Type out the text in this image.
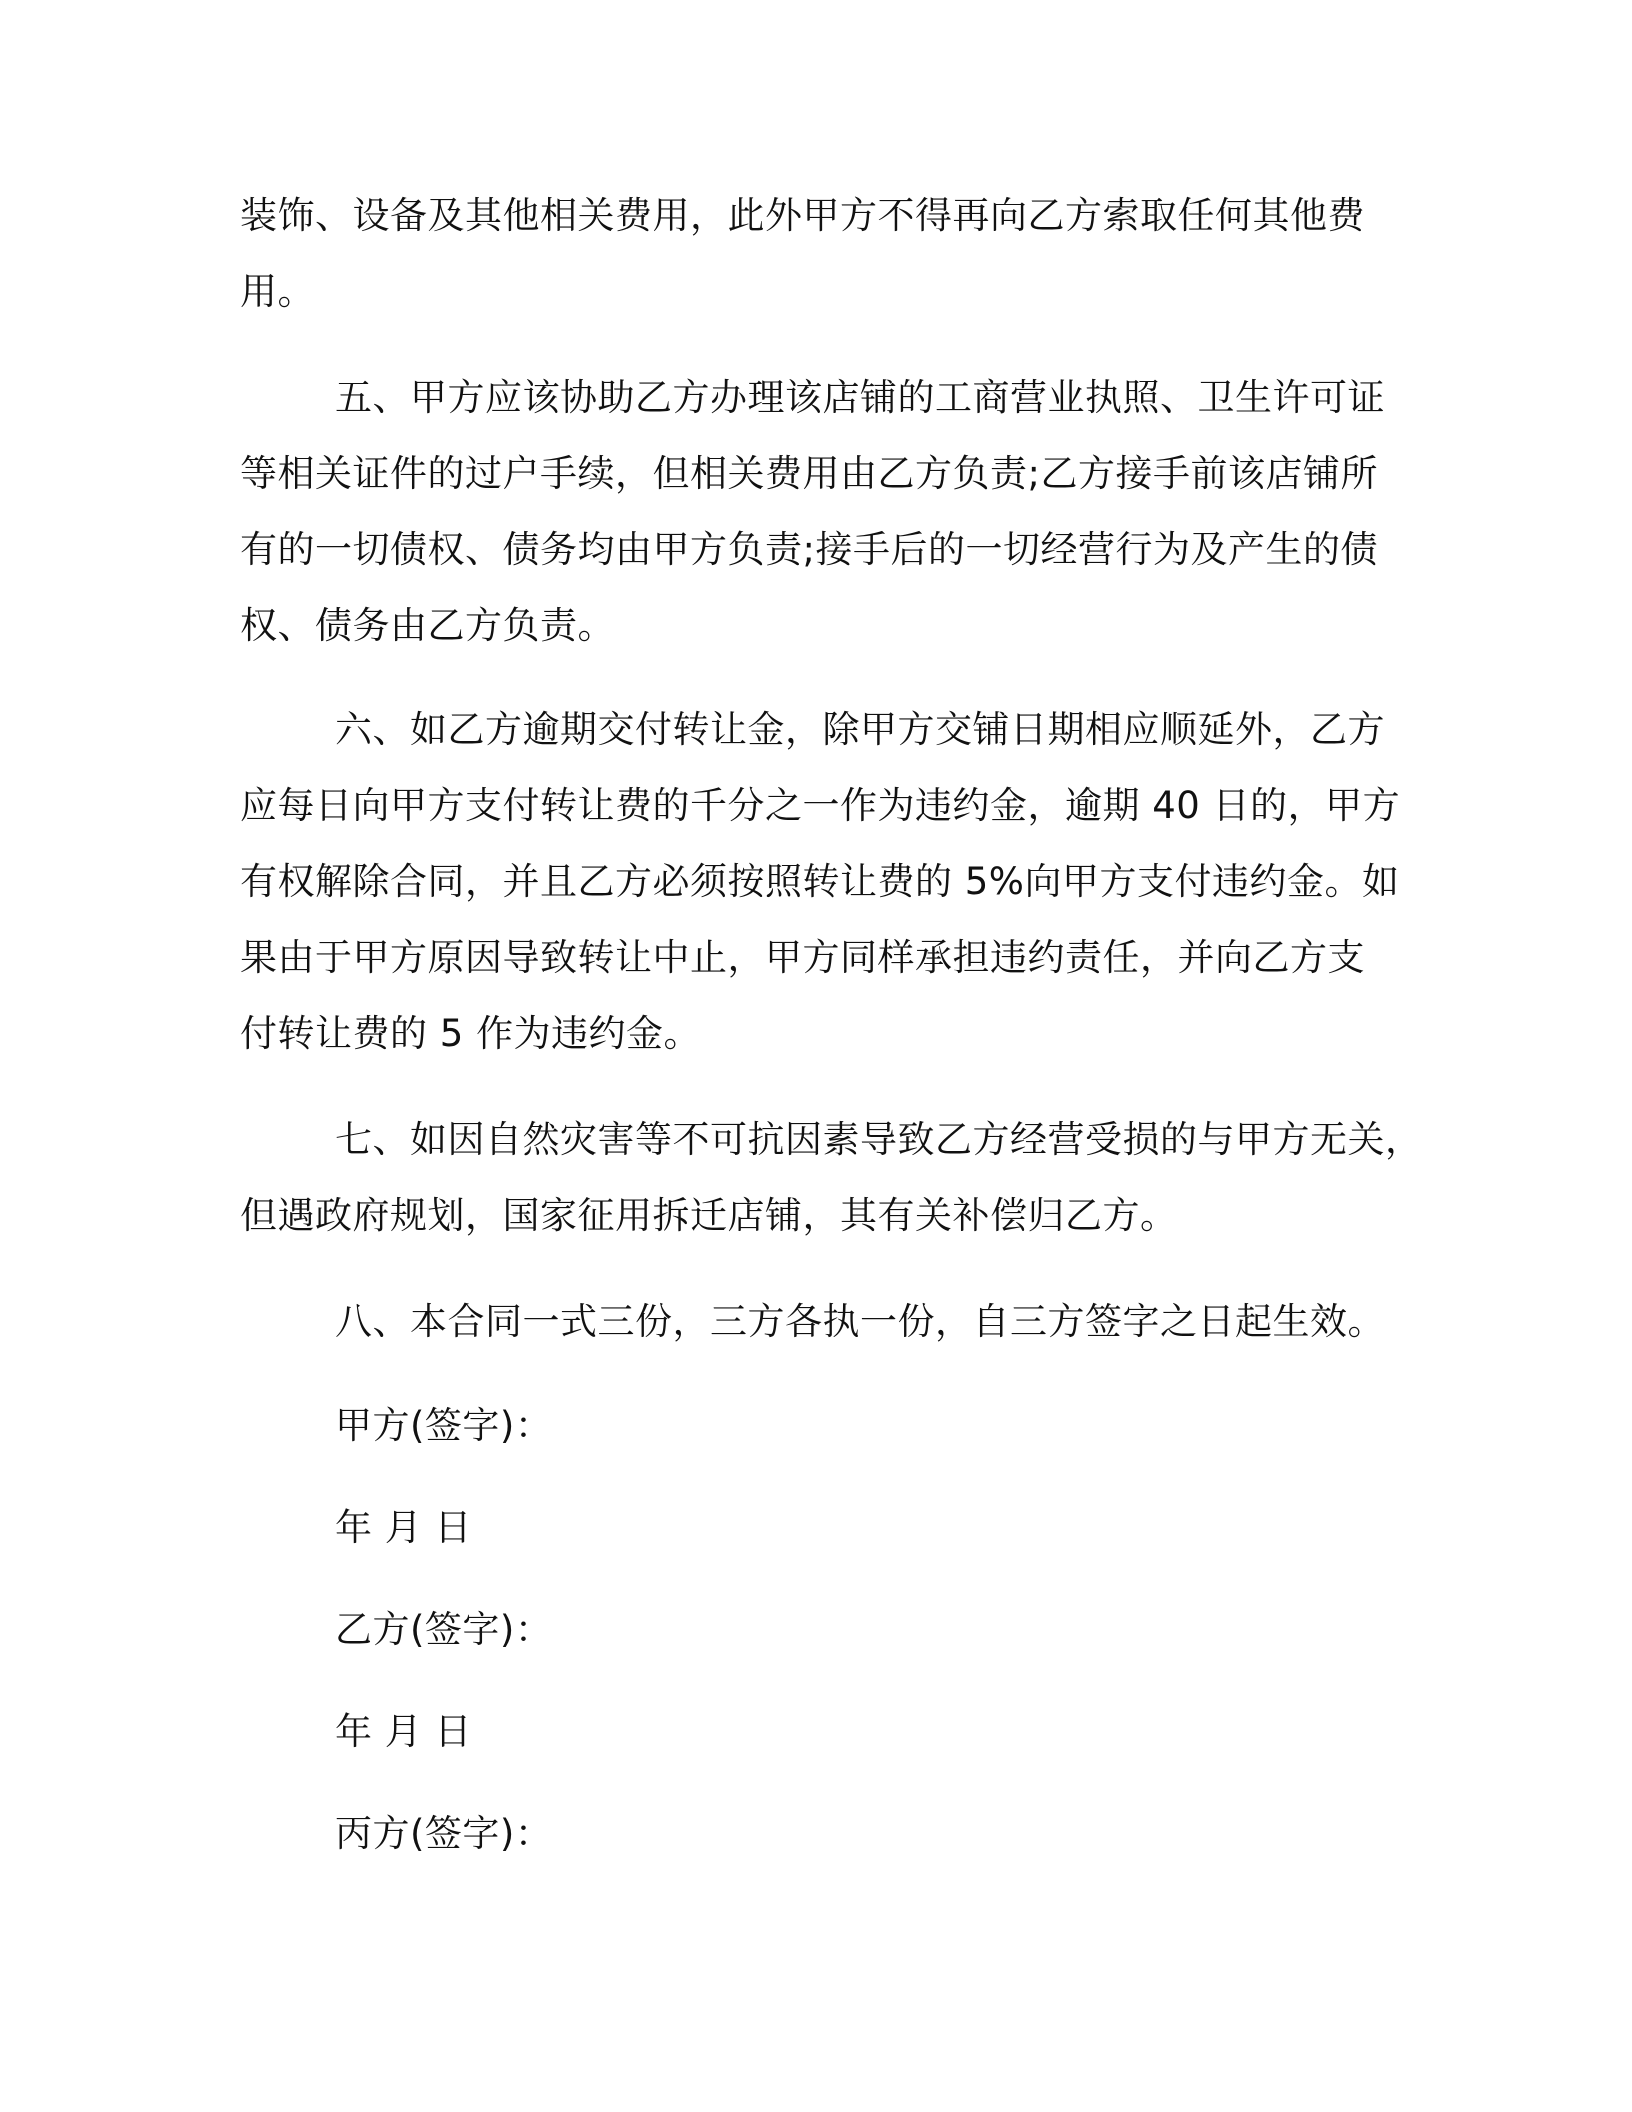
装饰、设备及其他相关费用，此外甲方不得再向乙方索取任何其他费
用。
五、甲方应该协助乙方办理该店铺的工商营业执照、卫生许可证
等相关证件的过户手续，但相关费用由乙方负责;乙方接手前该店铺所
有的一切债权、债务均由甲方负责;接手后的一切经营行为及产生的债
权、债务由乙方负责。
六、如乙方逾期交付转让金，除甲方交铺日期相应顺延外，乙方
应每日向甲方支付转让费的千分之一作为违约金，逾期 40 日的，甲方
有权解除合同，并且乙方必须按照转让费的 5%向甲方支付违约金。如
果由于甲方原因导致转让中止，甲方同样承担违约责任，并向乙方支
付转让费的 5 作为违约金。
七、如因自然灾害等不可抗因素导致乙方经营受损的与甲方无关，
但遇政府规划，国家征用拆迁店铺，其有关补偿归乙方。
八、本合同一式三份，三方各执一份，自三方签字之日起生效。
甲方(签字)：
年 月 日
乙方(签字)：
年 月 日
丙方(签字)：
